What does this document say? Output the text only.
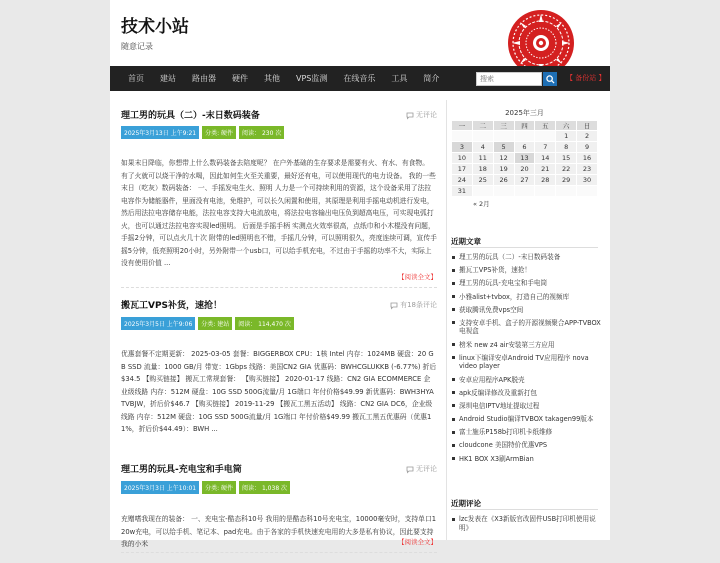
技术小站
随意记录
首页	建站	路由器	硬件	其他	VPS监测	在线音乐	工具	简介
搜索	【 备份站 】
理工男的玩具（二）-末日数码装备	无评论
2025年3月13日 上午9:21	分类: 硬件	阅读： 230 次
如果末日降临，你想带上什么数码装备去陪度呢？ 在户外基础的生存要求是需要有火、有水、有食物。 有了火就可以烧干净的水喝，因此如何生火至关重要，最好还有电，可以使用现代的电力设备。 我的一些末日（吃灰）数码装备： 一、手摇发电生火、照明 人力是一个可持续利用的资源，这个设备采用了法拉电容作为储能器件，里面没有电池，免维护，可以长久闲置和使用，其原理是利用手摇电动机进行发电，然后用法拉电容储存电能，法拉电容支持大电流放电，将法拉电容输出电压负到超高电压，可实现电弧打火，也可以通过法拉电容实现led照明。 后面是手摇手柄 实测点火效率很高，点纸巾和小木棍没有问题，手摇2分钟，可以点火几十次 附带的led照明也不错，手摇几分钟，可以照明很久，亮度连续可调，宣传手摇5分钟，低亮照明20小时，另外附带一个usb口，可以给手机充电，不过由于手摇的功率不大，实际上没有使用价值 ...
【阅读全文】
搬瓦工VPS补货，速抢！	有18条评论
2025年3月5日 上午9:06	分类: 建站	阅读： 114,470 次
优惠套餐不定期更新： 2025-03-05 套餐：BIGGERBOX CPU：1核 Intel 内存：1024MB 硬盘：20 GB SSD 流量：1000 GB/月 带宽：1Gbps 线路：美国CN2 GIA 优惠码：BWHCGLUKKB (-6.77%) 折后$34.5 【购买链接】 搬瓦工常规套餐： 【购买链接】 2020-01-17 线路：CN2 GIA ECOMMERCE 企业级线路 内存：512M 硬盘：10G SSD 500G流量/月 1G端口 年付价格$49.99 新优惠码：BWH3HYATVBJW，折后价$46.7 【购买链接】 2019-11-29 【搬瓦工黑五活动】 线路：CN2 GIA DC6，企业级线路 内存：512M 硬盘：10G SSD 500G流量/月 1G端口 年付价格$49.99 搬瓦工黑五优惠码（优惠11%，折后价$44.49）：BWH ...
【阅读全文】
理工男的玩具-充电宝和手电筒	无评论
2025年3月3日 上午10:01	分类: 硬件	阅读： 1,038 次
充赠嗜我现在的装备： 一、充电宝-酷态科10号 我用的是酷态科10号充电宝，10000毫安时，支持单口120w充电，可以给手机、笔记本、pad充电。由于各家的手机快速充电用的大多是私有协议，因此要支持我的小米
2025年三月
一	二	三	四	五	六	日
					1	2
3	4	5	6	7	8	9
10	11	12	13	14	15	16
17	18	19	20	21	22	23
24	25	26	27	28	29	30
31						
« 2月
近期文章
理工男的玩具（二）-末日数码装备
搬瓦工VPS补货，速抢！
理工男的玩具-充电宝和手电筒
小雅alist+tvbox，打造自己的视频库
获取腾讯免费vps空间
支持安卓手机、盒子的开源视频聚合APP-TVBOX电视盒
榜米 new z4 air安装第三方应用
linux下编译安卓Android TV应用程序 nova video player
安卓应用程序APK脱壳
apk反编译修改及重新打包
深圳电信IPTV地址提取过程
Android Studio编译TVBOX takagen99版本
富士施乐P158b打印机卡纸维修
cloudcone 美国特价优惠VPS
HK1 BOX X3刷ArmBian
近期评论
lzc发表在《X3新版官改固件USB打印机使用说明》
